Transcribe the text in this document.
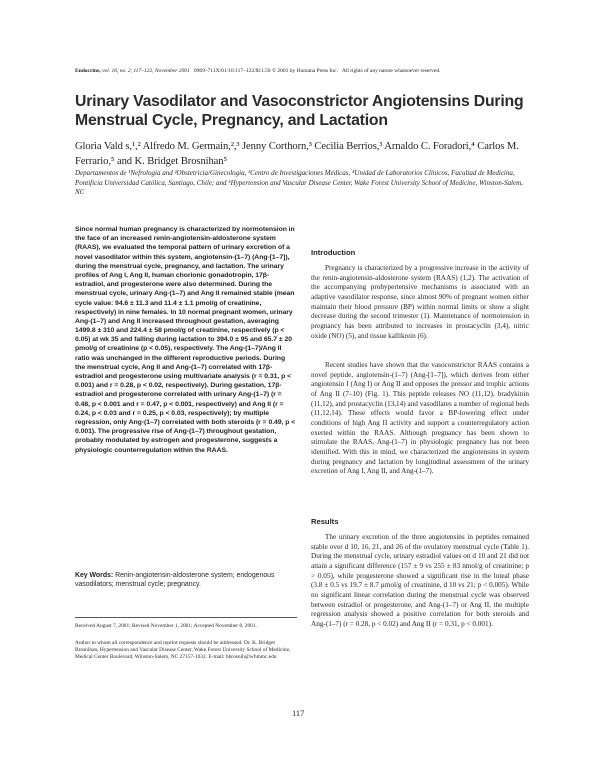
Endocrine, vol. 16, no. 2, 117–122, November 2001 0969–711X/01/16:117–122/$11.50 © 2001 by Humana Press Inc. All rights of any nature whatsoever reserved.
Urinary Vasodilator and Vasoconstrictor Angiotensins During Menstrual Cycle, Pregnancy, and Lactation

Gloria Vald s,¹,² Alfredo M. Germain,²,³ Jenny Corthorn,³ Cecilia Berrios,³ Arnaldo C. Foradori,⁴ Carlos M. Ferrario,⁵ and K. Bridget Brosnihan⁵

Departamentos de ¹Nefrología and ²Obstetricia/Ginecología, ³Centro de Investigaciones Médicas, ⁴Unidad de Laboratorios Clínicos, Facultad de Medicina, Pontificia Universidad Católica, Santiago, Chile; and ⁵Hypertension and Vascular Disease Center, Wake Forest University School of Medicine, Winston-Salem, NC

Since normal human pregnancy is characterized by normotension in the face of an increased renin-angiotensin-aldosterone system (RAAS), we evaluated the temporal pattern of urinary excretion of a novel vasodilator within this system, angiotensin-(1–7) (Ang-[1–7]), during the menstrual cycle, pregnancy, and lactation. The urinary profiles of Ang I, Ang II, human chorionic gonadotropin, 17β-estradiol, and progesterone were also determined. During the menstrual cycle, urinary Ang-(1–7) and Ang II remained stable (mean cycle value: 94.6 ± 11.3 and 11.4 ± 1.1 pmol/g of creatinine, respectively) in nine females. In 10 normal pregnant women, urinary Ang-(1–7) and Ang II increased throughout gestation, averaging 1499.8 ± 310 and 224.4 ± 58 pmol/g of creatinine, respectively (p < 0.05) at wk 35 and falling during lactation to 394.0 ± 95 and 65.7 ± 20 pmol/g of creatinine (p < 0.05), respectively. The Ang-(1–7)/Ang II ratio was unchanged in the different reproductive periods. During the menstrual cycle, Ang II and Ang-(1–7) correlated with 17β-estradiol and progesterone using multivariate analysis (r = 0.31, p < 0.001) and r = 0.28, p < 0.02, respectively). During gestation, 17β-estradiol and progesterone correlated with urinary Ang-(1–7) (r = 0.48, p < 0.001 and r = 0.47, p < 0.001, respectively) and Ang II (r = 0.24, p < 0.03 and r = 0.25, p < 0.03, respectively); by multiple regression, only Ang-(1–7) correlated with both steroids (r = 0.49, p < 0.001). The progressive rise of Ang-(1–7) throughout gestation, probably modulated by estrogen and progesterone, suggests a physiologic counterregulation within the RAAS.

Key Words: Renin-angiotensin-aldosterone system; endogenous vasodilators; menstrual cycle; pregnancy.

Received August 7, 2001; Revised November 1, 2001; Accepted November 8, 2001.

Author to whom all correspondence and reprint requests should be addressed: Dr. K. Bridget Brosnihan, Hypertension and Vascular Disease Center, Wake Forest University School of Medicine, Medical Center Boulevard, Winston-Salem, NC 27157-1032. E-mail: bbrosnih@wfubmc.edu

Introduction

Pregnancy is characterized by a progressive increase in the activity of the renin-angiotensin-aldosterone system (RAAS) (1,2). The activation of the accompanying prohypertensive mechanisms is associated with an adaptive vasodilator response, since almost 90% of pregnant women either maintain their blood pressure (BP) within normal limits or show a slight decrease during the second trimester (1). Maintenance of normotension in pregnancy has been attributed to increases in prostacyclin (3,4), nitric oxide (NO) (5), and tissue kallikrein (6).

Recent studies have shown that the vasoconstrictor RAAS contains a novel peptide, angiotensin-(1–7) (Ang-[1–7]), which derives from either angiotensin I (Ang I) or Ang II and opposes the pressor and trophic actions of Ang II (7–10) (Fig. 1). This peptide releases NO (11,12), bradykinin (11,12), and prostacyclin (13,14) and vasodilates a number of regional beds (11,12,14). These effects would favor a BP-lowering effect under conditions of high Ang II activity and support a counterregulatory action exerted within the RAAS. Although pregnancy has been shown to stimulate the RAAS, Ang-(1–7) in physiologic pregnancy has not been identified. With this in mind, we characterized the angiotensins in system during pregnancy and lactation by longitudinal assessment of the urinary excretion of Ang I, Ang II, and Ang-(1–7).

Results

The urinary excretion of the three angiotensins in peptides remained stable over d 10, 16, 21, and 26 of the ovulatory menstrual cycle (Table 1). During the menstrual cycle, urinary estradiol values on d 10 and 21 did not attain a significant difference (157 ± 9 vs 255 ± 83 nmol/g of creatinine; p > 0.05), while progesterone showed a significant rise in the luteal phase (3.8 ± 0.5 vs 19.7 ± 8.7 μmol/g of creatinine, d 10 vs 21; p < 0.005). While no significant linear correlation during the menstrual cycle was observed between estradiol or progesterone, and Ang-(1–7) or Ang II, the multiple regression analysis showed a positive correlation for both steroids and Ang-(1–7) (r = 0.28, p < 0.02) and Ang II (r = 0.31, p < 0.001).

117
